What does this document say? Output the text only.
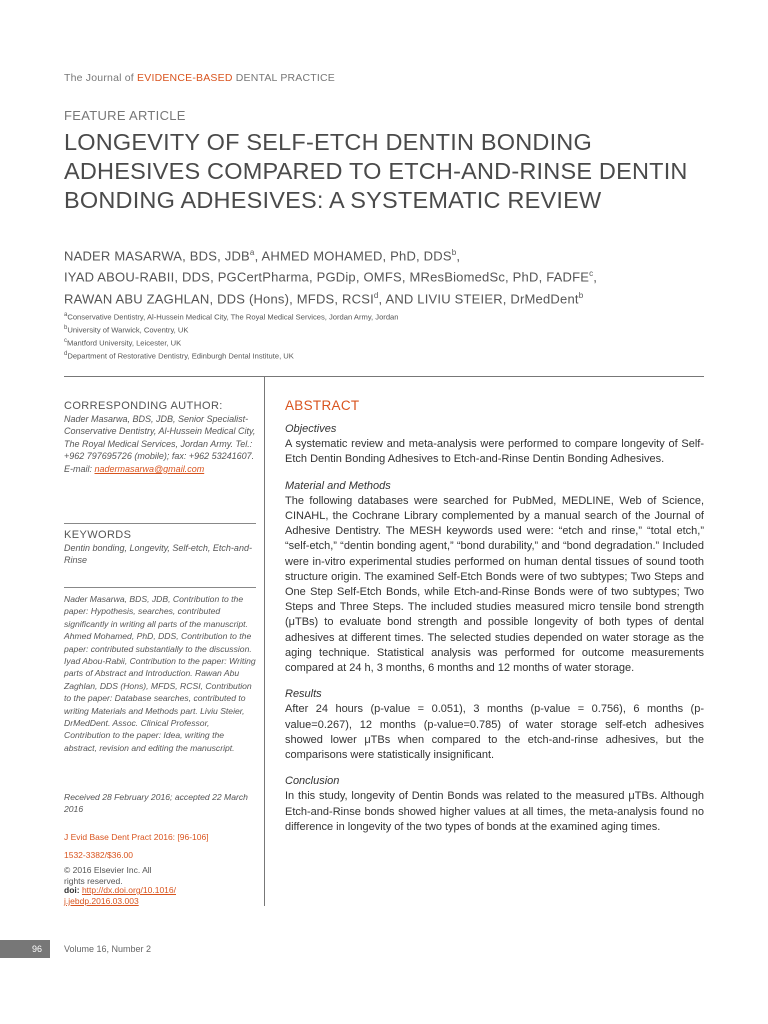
The Journal of EVIDENCE-BASED DENTAL PRACTICE
FEATURE ARTICLE
LONGEVITY OF SELF-ETCH DENTIN BONDING ADHESIVES COMPARED TO ETCH-AND-RINSE DENTIN BONDING ADHESIVES: A SYSTEMATIC REVIEW
NADER MASARWA, BDS, JDB$^a$, AHMED MOHAMED, PhD, DDS$^b$,
IYAD ABOU-RABII, DDS, PGCertPharma, PGDip, OMFS, MResBiomedSc, PhD, FADFE$^c$,
RAWAN ABU ZAGHLAN, DDS (Hons), MFDS, RCSI$^d$, AND LIVIU STEIER, DrMedDent$^b$
$^a$Conservative Dentistry, Al-Hussein Medical City, The Royal Medical Services, Jordan Army, Jordan
$^b$University of Warwick, Coventry, UK
$^c$Mantford University, Leicester, UK
$^d$Department of Restorative Dentistry, Edinburgh Dental Institute, UK
CORRESPONDING AUTHOR:
Nader Masarwa, BDS, JDB, Senior Specialist- Conservative Dentistry, Al-Hussein Medical City, The Royal Medical Services, Jordan Army. Tel.: +962 797695726 (mobile); fax: +962 53241607.
E-mail: nadermasarwa@gmail.com
KEYWORDS
Dentin bonding, Longevity, Self-etch, Etch-and-Rinse
Nader Masarwa, BDS, JDB, Contribution to the paper: Hypothesis, searches, contributed significantly in writing all parts of the manuscript. Ahmed Mohamed, PhD, DDS, Contribution to the paper: contributed substantially to the discussion. Iyad Abou-Rabii, Contribution to the paper: Writing parts of Abstract and Introduction. Rawan Abu Zaghlan, DDS (Hons), MFDS, RCSI, Contribution to the paper: Database searches, contributed to writing Materials and Methods part. Liviu Steier, DrMedDent. Assoc. Clinical Professor, Contribution to the paper: Idea, writing the abstract, revision and editing the manuscript.
Received 28 February 2016; accepted 22 March 2016
J Evid Base Dent Pract 2016: [96-106]
1532-3382/$36.00
© 2016 Elsevier Inc. All rights reserved.
doi: http://dx.doi.org/10.1016/ j.jebdp.2016.03.003
ABSTRACT

Objectives

A systematic review and meta-analysis were performed to compare longevity of Self-Etch Dentin Bonding Adhesives to Etch-and-Rinse Dentin Bonding Adhesives.

Material and Methods

The following databases were searched for PubMed, MEDLINE, Web of Science, CINAHL, the Cochrane Library complemented by a manual search of the Journal of Adhesive Dentistry. The MESH keywords used were: “etch and rinse,” “total etch,” “self-etch,” “dentin bonding agent,” “bond durability,” and “bond degradation.” Included were in-vitro experimental studies performed on human dental tissues of sound tooth structure origin. The examined Self-Etch Bonds were of two subtypes; Two Steps and One Step Self-Etch Bonds, while Etch-and-Rinse Bonds were of two subtypes; Two Steps and Three Steps. The included studies measured micro tensile bond strength (μTBs) to evaluate bond strength and possible longevity of both types of dental adhesives at different times. The selected studies depended on water storage as the aging technique. Statistical analysis was performed for outcome measurements compared at 24 h, 3 months, 6 months and 12 months of water storage.

Results

After 24 hours (p-value = 0.051), 3 months (p-value = 0.756), 6 months (p-value=0.267), 12 months (p-value=0.785) of water storage self-etch adhesives showed lower μTBs when compared to the etch-and-rinse adhesives, but the comparisons were statistically insignificant.

Conclusion

In this study, longevity of Dentin Bonds was related to the measured μTBs. Although Etch-and-Rinse bonds showed higher values at all times, the meta-analysis found no difference in longevity of the two types of bonds at the examined aging times.

96	Volume 16, Number 2
